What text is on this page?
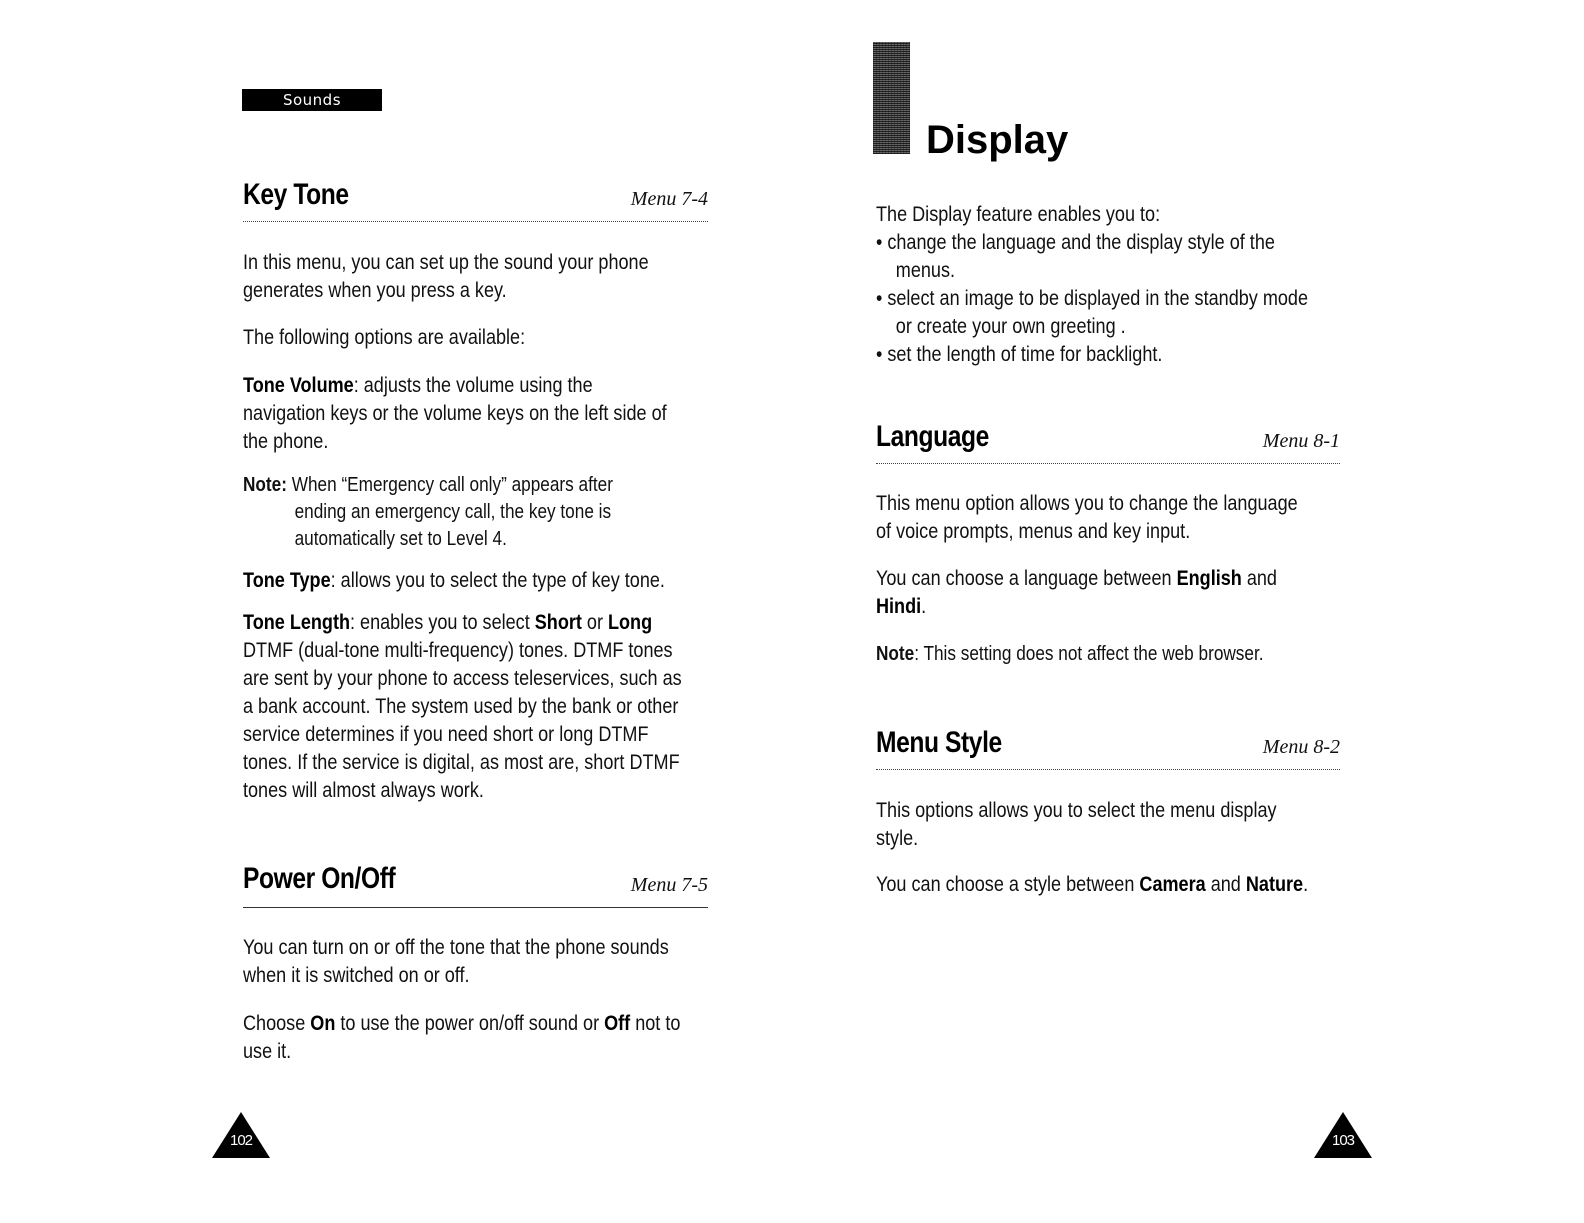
Sounds
Key Tone	Menu 7-4
In this menu, you can set up the sound your phone
generates when you press a key.
The following options are available:
Tone Volume: adjusts the volume using the
navigation keys or the volume keys on the left side of
the phone.
Note: When “Emergency call only” appears after
ending an emergency call, the key tone is
automatically set to Level 4.
Tone Type: allows you to select the type of key tone.
Tone Length: enables you to select Short or Long
DTMF (dual-tone multi-frequency) tones. DTMF tones
are sent by your phone to access teleservices, such as
a bank account. The system used by the bank or other
service determines if you need short or long DTMF
tones. If the service is digital, as most are, short DTMF
tones will almost always work.
Power On/Off	Menu 7-5
You can turn on or off the tone that the phone sounds
when it is switched on or off.
Choose On to use the power on/off sound or Off not to
use it.
102
Display
The Display feature enables you to:
• change the language and the display style of the
menus.
• select an image to be displayed in the standby mode
or create your own greeting .
• set the length of time for backlight.
Language	Menu 8-1
This menu option allows you to change the language
of voice prompts, menus and key input.
You can choose a language between English and
Hindi.
Note: This setting does not affect the web browser.
Menu Style	Menu 8-2
This options allows you to select the menu display
style.
You can choose a style between Camera and Nature.
103
